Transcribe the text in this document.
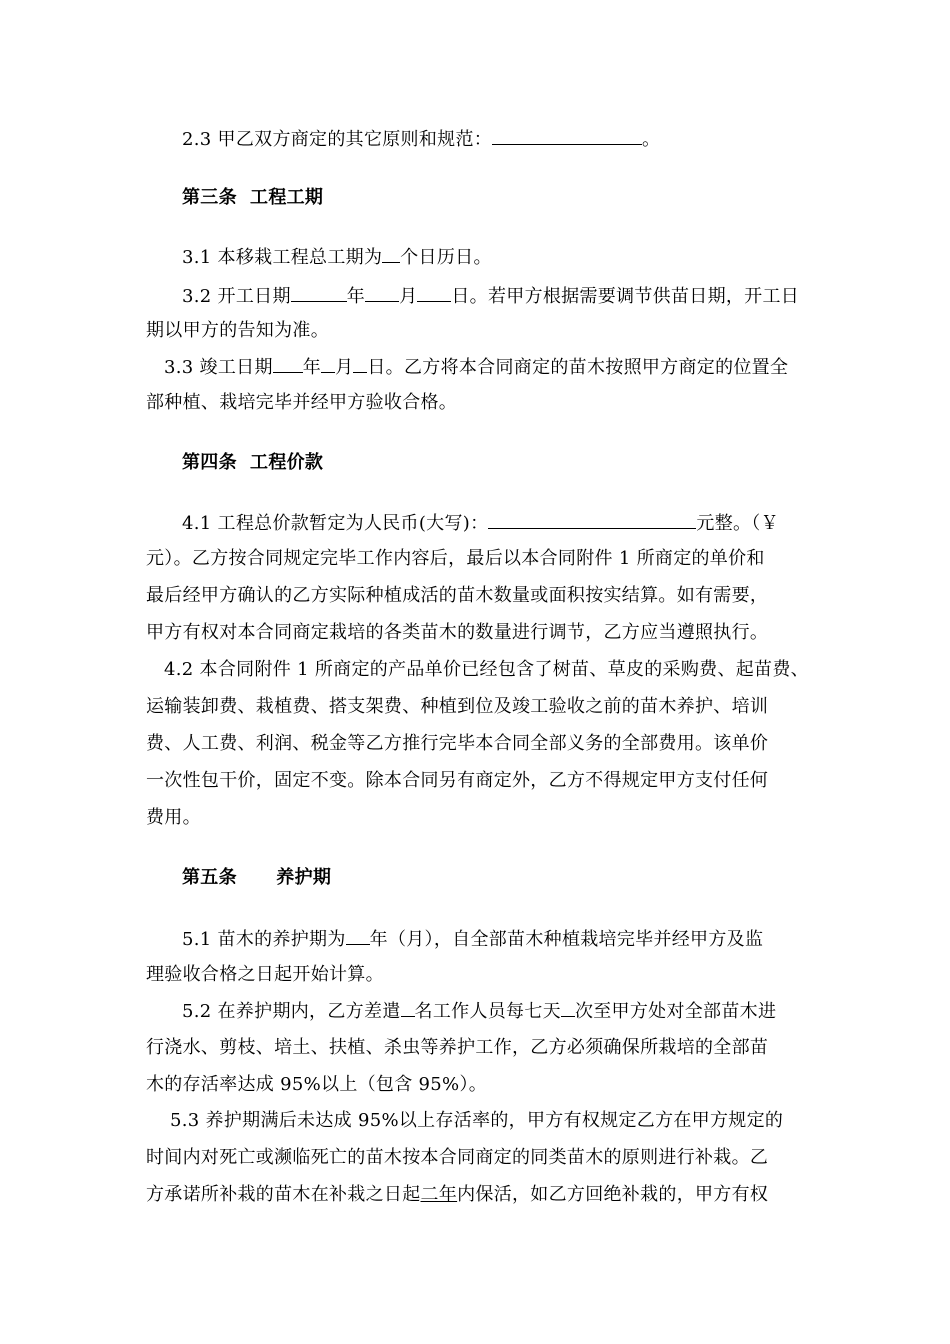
2.3 甲乙双方商定的其它原则和规范：	。
第三条  工程工期
3.1 本移栽工程总工期为 个日历日。
3.2 开工日期	年 月 日。若甲方根据需要调节供苗日期，开工日
期以甲方的告知为准。
3.3 竣工日期 年 月 日。乙方将本合同商定的苗木按照甲方商定的位置全
部种植、栽培完毕并经甲方验收合格。
第四条  工程价款
4.1 工程总价款暂定为人民币(大写)：	元整。（￥
元）。乙方按合同规定完毕工作内容后，最后以本合同附件 1 所商定的单价和
最后经甲方确认的乙方实际种植成活的苗木数量或面积按实结算。如有需要，
甲方有权对本合同商定栽培的各类苗木的数量进行调节，乙方应当遵照执行。
4.2 本合同附件 1 所商定的产品单价已经包含了树苗、草皮的采购费、起苗费、
运输装卸费、栽植费、搭支架费、种植到位及竣工验收之前的苗木养护、培训
费、人工费、利润、税金等乙方推行完毕本合同全部义务的全部费用。该单价
一次性包干价，固定不变。除本合同另有商定外，乙方不得规定甲方支付任何
费用。
第五条      养护期
5.1 苗木的养护期为 年（月），自全部苗木种植栽培完毕并经甲方及监
理验收合格之日起开始计算。
5.2 在养护期内，乙方差遣 名工作人员每七天 次至甲方处对全部苗木进
行浇水、剪枝、培土、扶植、杀虫等养护工作，乙方必须确保所栽培的全部苗
木的存活率达成 95%以上（包含 95%）。
5.3 养护期满后未达成 95%以上存活率的，甲方有权规定乙方在甲方规定的
时间内对死亡或濒临死亡的苗木按本合同商定的同类苗木的原则进行补栽。乙
方承诺所补栽的苗木在补栽之日起二年内保活，如乙方回绝补栽的，甲方有权
